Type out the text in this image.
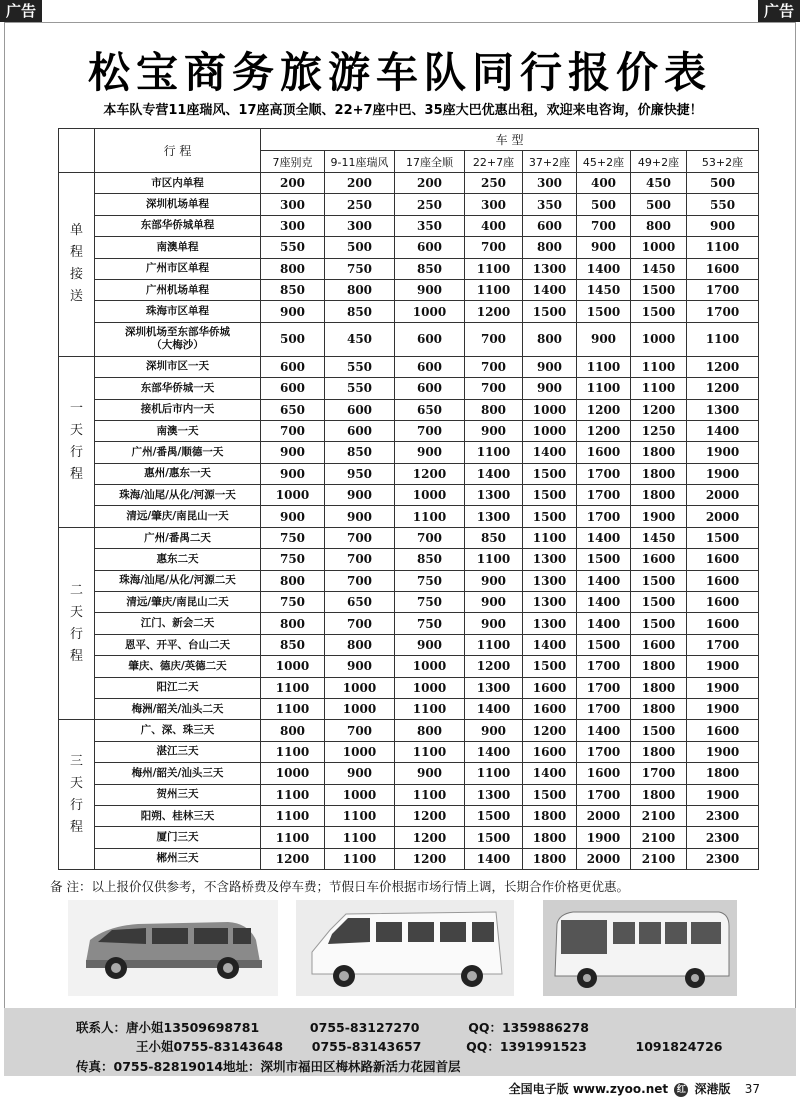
广告	广告
松宝商务旅游车队同行报价表
本车队专营11座瑞风、17座高顶全顺、22+7座中巴、35座大巴优惠出租，欢迎来电咨询，价廉快捷！
	行 程	车 型							
		7座别克	9-11座瑞风	17座全顺	22+7座	37+2座	45+2座	49+2座	53+2座

单程接送	市区内单程	200	200	200	250	300	400	450	500

	深圳机场单程	300	250	250	300	350	500	500	550

	东部华侨城单程	300	300	350	400	600	700	800	900

	南澳单程	550	500	600	700	800	900	1000	1100

	广州市区单程	800	750	850	1100	1300	1400	1450	1600

	广州机场单程	850	800	900	1100	1400	1450	1500	1700

	珠海市区单程	900	850	1000	1200	1500	1500	1500	1700

	深圳机场至东部华侨城
（大梅沙）	500	450	600	700	800	900	1000	1100

一天行程	深圳市区一天	600	550	600	700	900	1100	1100	1200

	东部华侨城一天	600	550	600	700	900	1100	1100	1200

	接机后市内一天	650	600	650	800	1000	1200	1200	1300

	南澳一天	700	600	700	900	1000	1200	1250	1400

	广州/番禺/顺德一天	900	850	900	1100	1400	1600	1800	1900

	惠州/惠东一天	900	950	1200	1400	1500	1700	1800	1900

	珠海/汕尾/从化/河源一天	1000	900	1000	1300	1500	1700	1800	2000

	清远/肇庆/南昆山一天	900	900	1100	1300	1500	1700	1900	2000

二天行程	广州/番禺二天	750	700	700	850	1100	1400	1450	1500

	惠东二天	750	700	850	1100	1300	1500	1600	1600

	珠海/汕尾/从化/河源二天	800	700	750	900	1300	1400	1500	1600

	清远/肇庆/南昆山二天	750	650	750	900	1300	1400	1500	1600

	江门、新会二天	800	700	750	900	1300	1400	1500	1600

	恩平、开平、台山二天	850	800	900	1100	1400	1500	1600	1700

	肇庆、德庆/英德二天	1000	900	1000	1200	1500	1700	1800	1900

	阳江二天	1100	1000	1000	1300	1600	1700	1800	1900

	梅洲/韶关/汕头二天	1100	1000	1100	1400	1600	1700	1800	1900

三天行程	广、深、珠三天	800	700	800	900	1200	1400	1500	1600

	湛江三天	1100	1000	1100	1400	1600	1700	1800	1900

	梅州/韶关/汕头三天	1000	900	900	1100	1400	1600	1700	1800

	贺州三天	1100	1000	1100	1300	1500	1700	1800	1900

	阳朔、桂林三天	1100	1100	1200	1500	1800	2000	2100	2300

	厦门三天	1100	1100	1200	1500	1800	1900	2100	2300

	郴州三天	1200	1100	1200	1400	1800	2000	2100	2300
备 注：以上报价仅供参考，不含路桥费及停车费；节假日车价根据市场行情上调，长期合作价格更优惠。
联系人：唐小姐13509698781	0755-83127270	QQ：1359886278
王小姐0755-83143648 0755-83143657	QQ：1391991523	1091824726
传真：0755-82819014地址：深圳市福田区梅林路新活力花园首层
全国电子版 www.zyoo.net 红 深港版 37
